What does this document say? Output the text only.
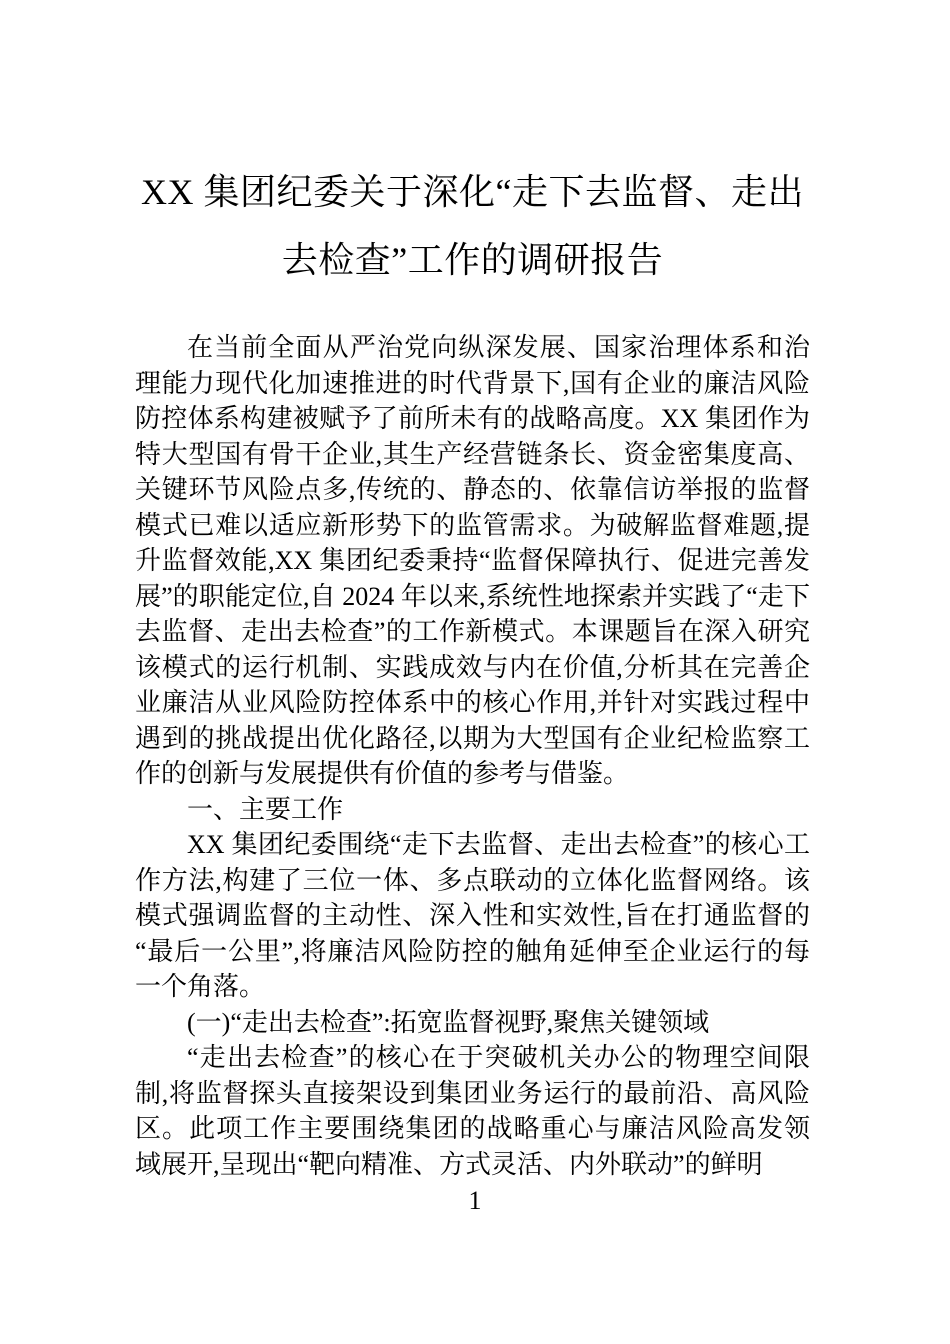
XX 集团纪委关于深化“走下去监督、走出去检查”工作的调研报告

在当前全面从严治党向纵深发展、国家治理体系和治理能力现代化加速推进的时代背景下,国有企业的廉洁风险防控体系构建被赋予了前所未有的战略高度。XX 集团作为特大型国有骨干企业,其生产经营链条长、资金密集度高、关键环节风险点多,传统的、静态的、依靠信访举报的监督模式已难以适应新形势下的监管需求。为破解监督难题,提升监督效能,XX 集团纪委秉持“监督保障执行、促进完善发展”的职能定位,自 2024 年以来,系统性地探索并实践了“走下去监督、走出去检查”的工作新模式。本课题旨在深入研究该模式的运行机制、实践成效与内在价值,分析其在完善企业廉洁从业风险防控体系中的核心作用,并针对实践过程中遇到的挑战提出优化路径,以期为大型国有企业纪检监察工作的创新与发展提供有价值的参考与借鉴。

一、主要工作

XX 集团纪委围绕“走下去监督、走出去检查”的核心工作方法,构建了三位一体、多点联动的立体化监督网络。该模式强调监督的主动性、深入性和实效性,旨在打通监督的“最后一公里”,将廉洁风险防控的触角延伸至企业运行的每一个角落。

(一)“走出去检查”:拓宽监督视野,聚焦关键领域

“走出去检查”的核心在于突破机关办公的物理空间限制,将监督探头直接架设到集团业务运行的最前沿、高风险区。此项工作主要围绕集团的战略重心与廉洁风险高发领域展开,呈现出“靶向精准、方式灵活、内外联动”的鲜明

1
